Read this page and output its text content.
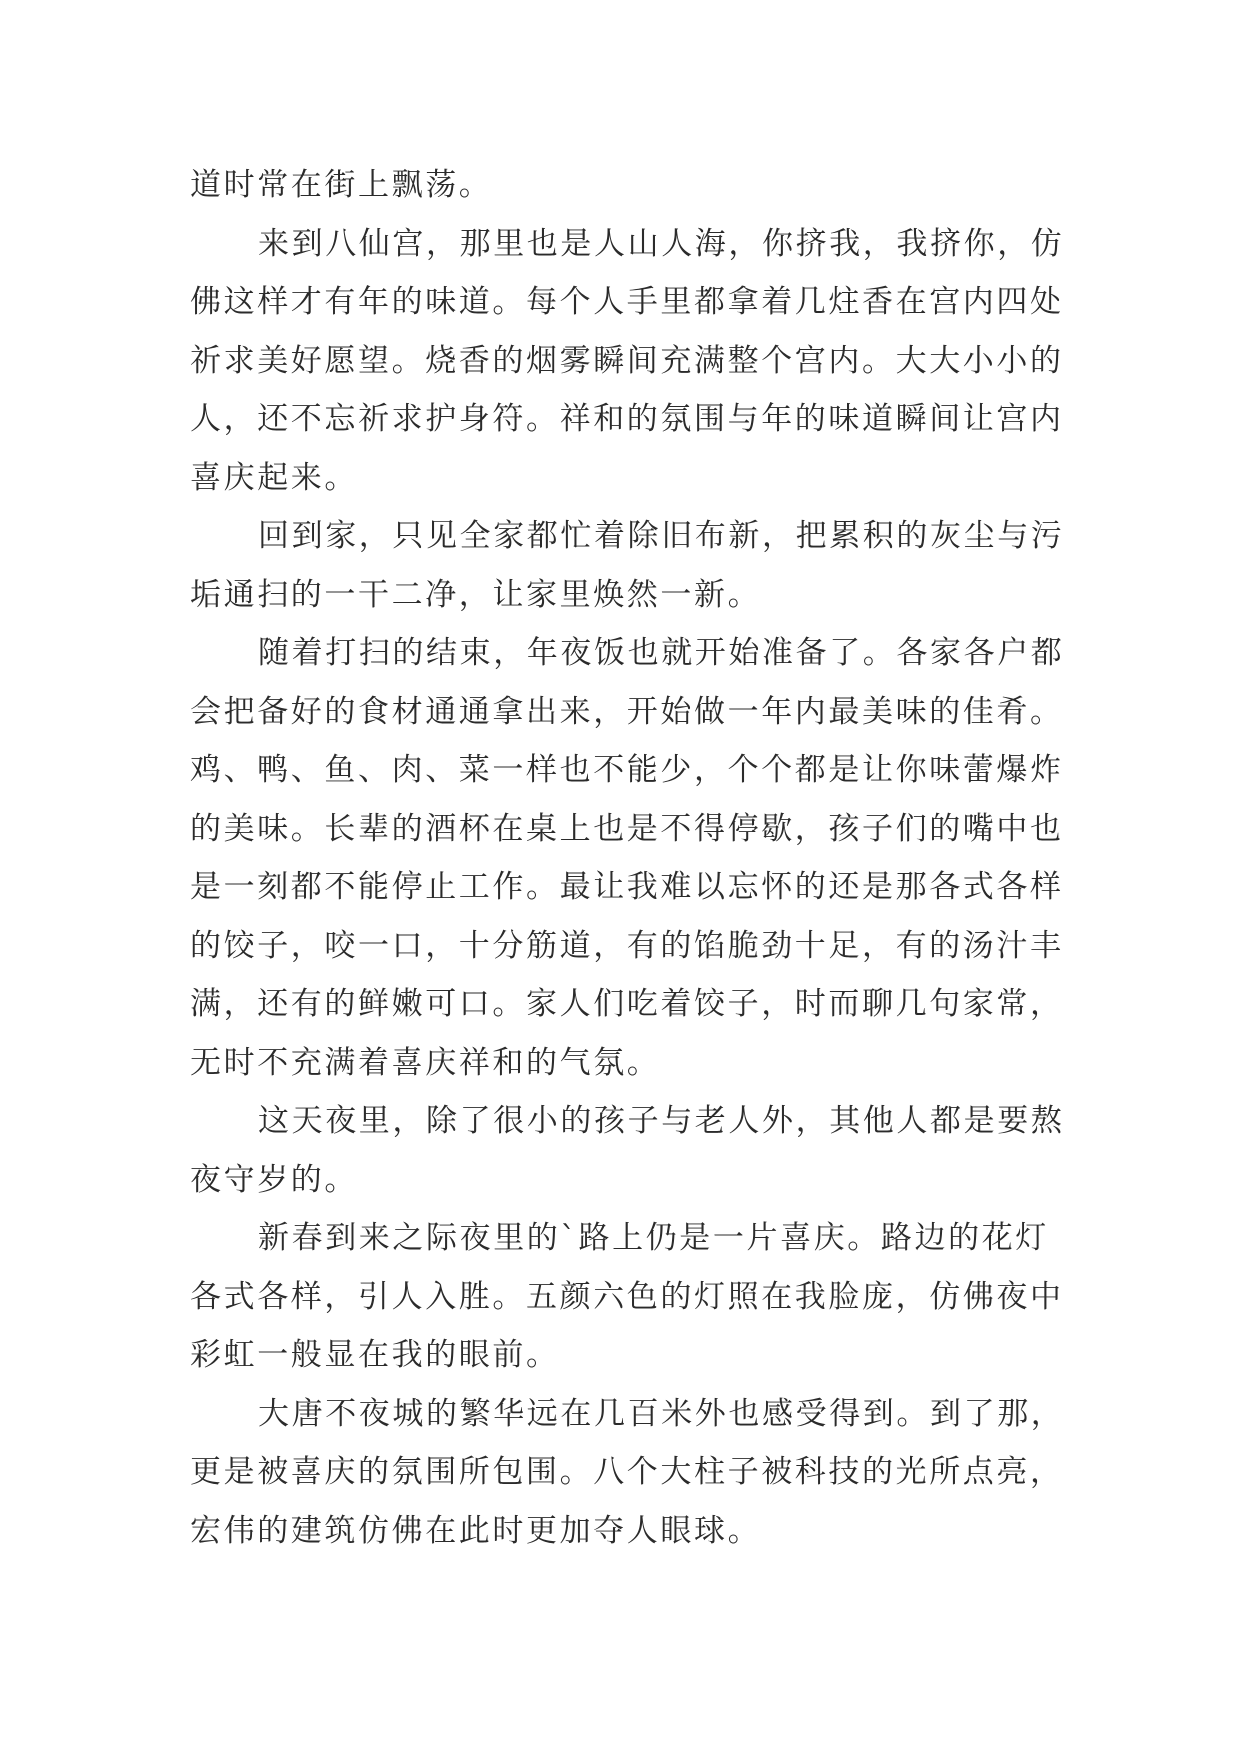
道时常在街上飘荡。
来到八仙宫，那里也是人山人海，你挤我，我挤你，仿
佛这样才有年的味道。每个人手里都拿着几炷香在宫内四处
祈求美好愿望。烧香的烟雾瞬间充满整个宫内。大大小小的
人，还不忘祈求护身符。祥和的氛围与年的味道瞬间让宫内
喜庆起来。
回到家，只见全家都忙着除旧布新，把累积的灰尘与污
垢通扫的一干二净，让家里焕然一新。
随着打扫的结束，年夜饭也就开始准备了。各家各户都
会把备好的食材通通拿出来，开始做一年内最美味的佳肴。
鸡、鸭、鱼、肉、菜一样也不能少，个个都是让你味蕾爆炸
的美味。长辈的酒杯在桌上也是不得停歇，孩子们的嘴中也
是一刻都不能停止工作。最让我难以忘怀的还是那各式各样
的饺子，咬一口，十分筋道，有的馅脆劲十足，有的汤汁丰
满，还有的鲜嫩可口。家人们吃着饺子，时而聊几句家常，
无时不充满着喜庆祥和的气氛。
这天夜里，除了很小的孩子与老人外，其他人都是要熬
夜守岁的。
新春到来之际夜里的`路上仍是一片喜庆。路边的花灯
各式各样，引人入胜。五颜六色的灯照在我脸庞，仿佛夜中
彩虹一般显在我的眼前。
大唐不夜城的繁华远在几百米外也感受得到。到了那，
更是被喜庆的氛围所包围。八个大柱子被科技的光所点亮，
宏伟的建筑仿佛在此时更加夺人眼球。
